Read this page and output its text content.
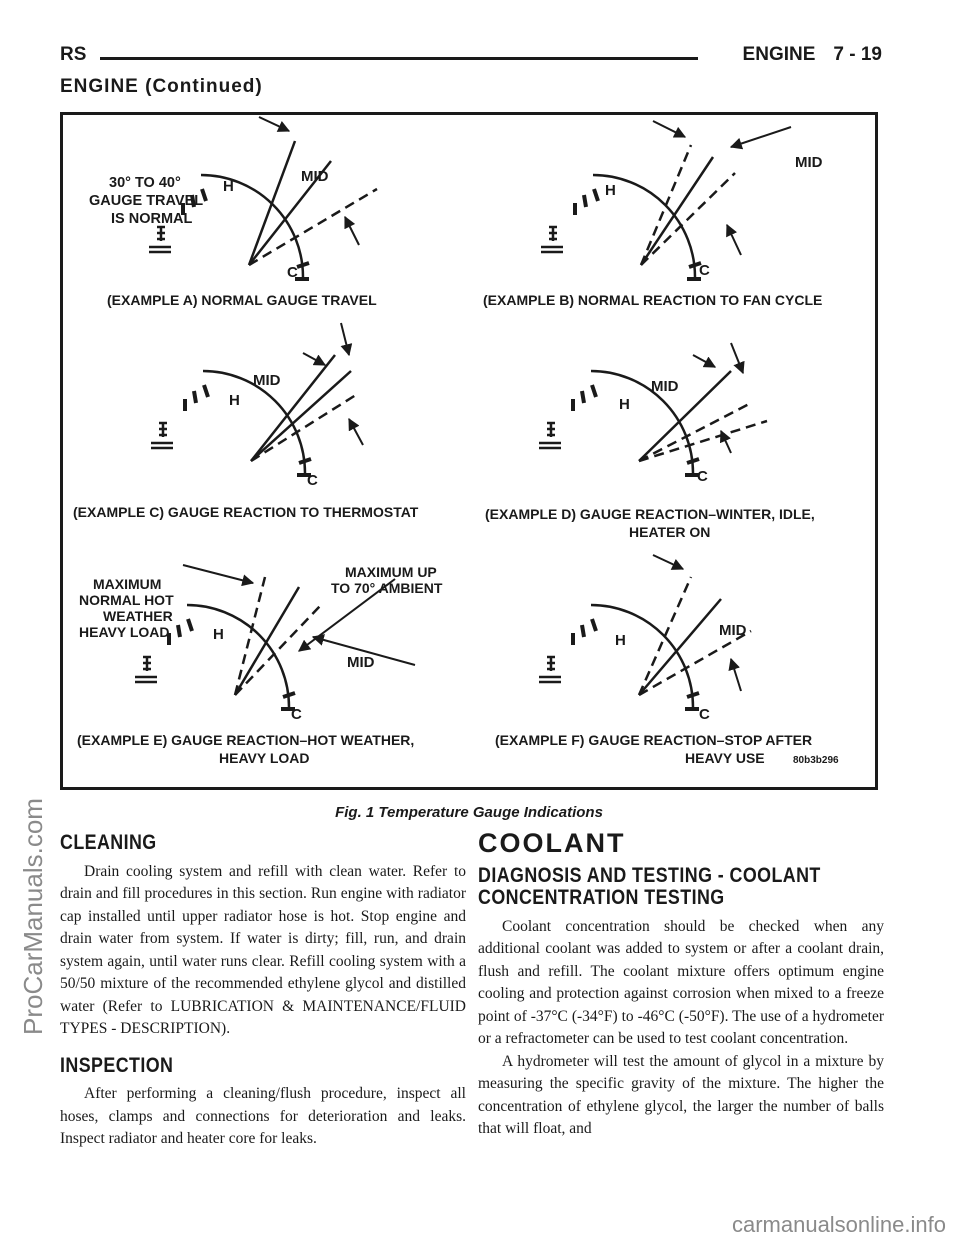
RS	ENGINE 7 - 19
ENGINE (Continued)
H
MID
C
30° TO 40°
GAUGE TRAVEL
IS NORMAL
(EXAMPLE A) NORMAL GAUGE TRAVEL
H
MID
C
(EXAMPLE B) NORMAL REACTION TO FAN CYCLE
H
MID
C
(EXAMPLE C) GAUGE REACTION TO THERMOSTAT
H
MID
C
(EXAMPLE D) GAUGE REACTION–WINTER, IDLE,
HEATER ON
H
MID
C
MAXIMUM
NORMAL HOT
WEATHER
HEAVY LOAD
MAXIMUM UP
TO 70° AMBIENT
(EXAMPLE E) GAUGE REACTION–HOT WEATHER,
HEAVY LOAD
H
MID
C
(EXAMPLE F) GAUGE REACTION–STOP AFTER
HEAVY USE	80b3b296
Fig. 1 Temperature Gauge Indications
CLEANING

Drain cooling system and refill with clean water. Refer to drain and fill procedures in this section. Run engine with radiator cap installed until upper radiator hose is hot. Stop engine and drain water from system. If water is dirty; fill, run, and drain system again, until water runs clear. Refill cooling system with a 50/50 mixture of the recommended ethylene glycol and distilled water (Refer to LUBRICATION & MAINTENANCE/FLUID TYPES - DESCRIPTION).

INSPECTION

After performing a cleaning/flush procedure, inspect all hoses, clamps and connections for deterioration and leaks. Inspect radiator and heater core for leaks.

COOLANT
DIAGNOSIS AND TESTING - COOLANT
CONCENTRATION TESTING

Coolant concentration should be checked when any additional coolant was added to system or after a coolant drain, flush and refill. The coolant mixture offers optimum engine cooling and protection against corrosion when mixed to a freeze point of -37°C (-34°F) to -46°C (-50°F). The use of a hydrometer or a refractometer can be used to test coolant concentration.

A hydrometer will test the amount of glycol in a mixture by measuring the specific gravity of the mixture. The higher the concentration of ethylene glycol, the larger the number of balls that will float, and

ProCarManuals.com
carmanualsonline.info
